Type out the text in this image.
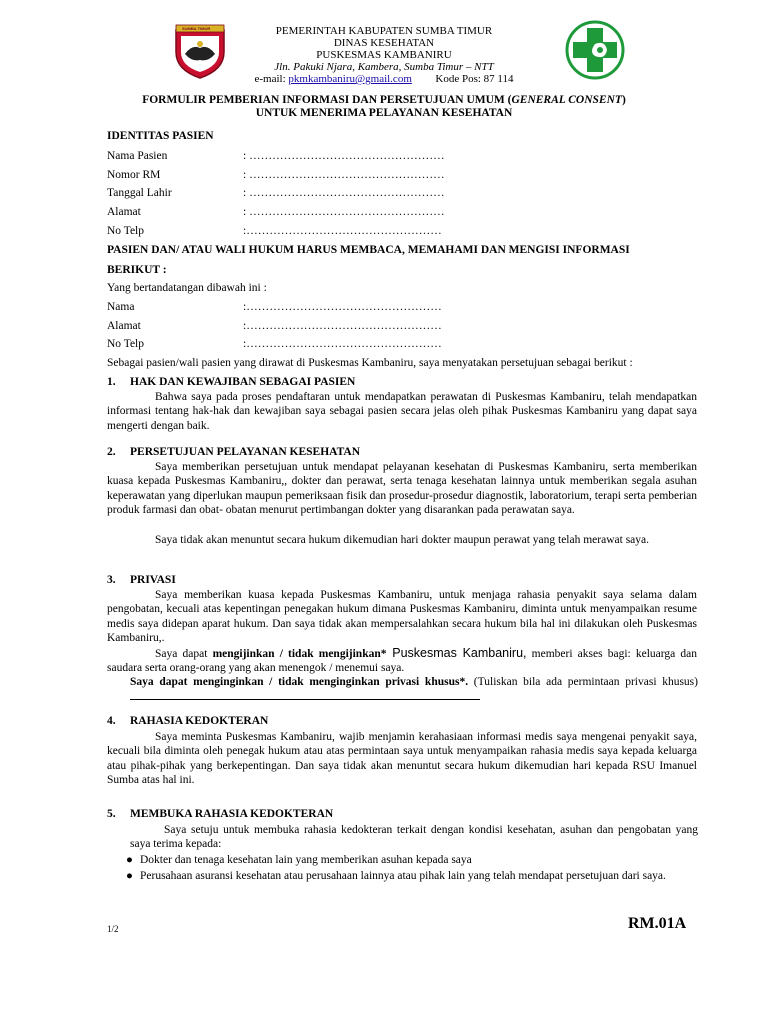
SUMBA TIMUR	PEMERINTAH KABUPATEN SUMBA TIMUR
DINAS KESEHATAN
PUSKESMAS KAMBANIRU
Jln. Pakuki Njara, Kambera, Sumba Timur – NTT
e-mail: pkmkambaniru@gmail.com Kode Pos: 87 114
FORMULIR PEMBERIAN INFORMASI DAN PERSETUJUAN UMUM (GENERAL CONSENT)
UNTUK MENERIMA PELAYANAN KESEHATAN
IDENTITAS PASIEN
Nama Pasien	: ……………………………………………
Nomor RM	: ……………………………………………
Tanggal Lahir	: ……………………………………………
Alamat	: ……………………………………………
No Telp	:……………………………………………
PASIEN DAN/ ATAU WALI HUKUM HARUS MEMBACA, MEMAHAMI DAN MENGISI INFORMASI
BERIKUT :
Yang bertandatangan dibawah ini :
Nama	:……………………………………………
Alamat	:……………………………………………
No Telp	:……………………………………………
Sebagai pasien/wali pasien yang dirawat di Puskesmas Kambaniru, saya menyatakan persetujuan sebagai berikut :
1. HAK DAN KEWAJIBAN SEBAGAI PASIEN
Bahwa saya pada proses pendaftaran untuk mendapatkan perawatan di Puskesmas Kambaniru, telah mendapatkan informasi tentang hak-hak dan kewajiban saya sebagai pasien secara jelas oleh pihak Puskesmas Kambaniru yang dapat saya mengerti dengan baik.
2. PERSETUJUAN PELAYANAN KESEHATAN
Saya memberikan persetujuan untuk mendapat pelayanan kesehatan di Puskesmas Kambaniru, serta memberikan kuasa kepada Puskesmas Kambaniru,, dokter dan perawat, serta tenaga kesehatan lainnya untuk memberikan segala asuhan keperawatan yang diperlukan maupun pemeriksaan fisik dan prosedur-prosedur diagnostik, laboratorium, terapi serta pemberian produk farmasi dan obat- obatan menurut pertimbangan dokter yang disarankan pada perawatan saya.
Saya tidak akan menuntut secara hukum dikemudian hari dokter maupun perawat yang telah merawat saya.
3. PRIVASI
Saya memberikan kuasa kepada Puskesmas Kambaniru, untuk menjaga rahasia penyakit saya selama dalam pengobatan, kecuali atas kepentingan penegakan hukum dimana Puskesmas Kambaniru, diminta untuk menyampaikan resume medis saya didepan aparat hukum. Dan saya tidak akan mempersalahkan secara hukum bila hal ini dilakukan oleh Puskesmas Kambaniru,.
Saya dapat mengijinkan / tidak mengijinkan* Puskesmas Kambaniru, memberi akses bagi: keluarga dan saudara serta orang-orang yang akan menengok / menemui saya.
Saya dapat menginginkan / tidak menginginkan privasi khusus*. (Tuliskan bila ada permintaan privasi khusus)
4. RAHASIA KEDOKTERAN
Saya meminta Puskesmas Kambaniru, wajib menjamin kerahasiaan informasi medis saya mengenai penyakit saya, kecuali bila diminta oleh penegak hukum atau atas permintaan saya untuk menyampaikan rahasia medis saya kepada keluarga atau pihak-pihak yang berkepentingan. Dan saya tidak akan menuntut secara hukum dikemudian hari kepada RSU Imanuel Sumba atas hal ini.
5. MEMBUKA RAHASIA KEDOKTERAN
Saya setuju untuk membuka rahasia kedokteran terkait dengan kondisi kesehatan, asuhan dan pengobatan yang saya terima kepada:
● Dokter dan tenaga kesehatan lain yang memberikan asuhan kepada saya
● Perusahaan asuransi kesehatan atau perusahaan lainnya atau pihak lain yang telah mendapat persetujuan dari saya.
1/2	RM.01A
